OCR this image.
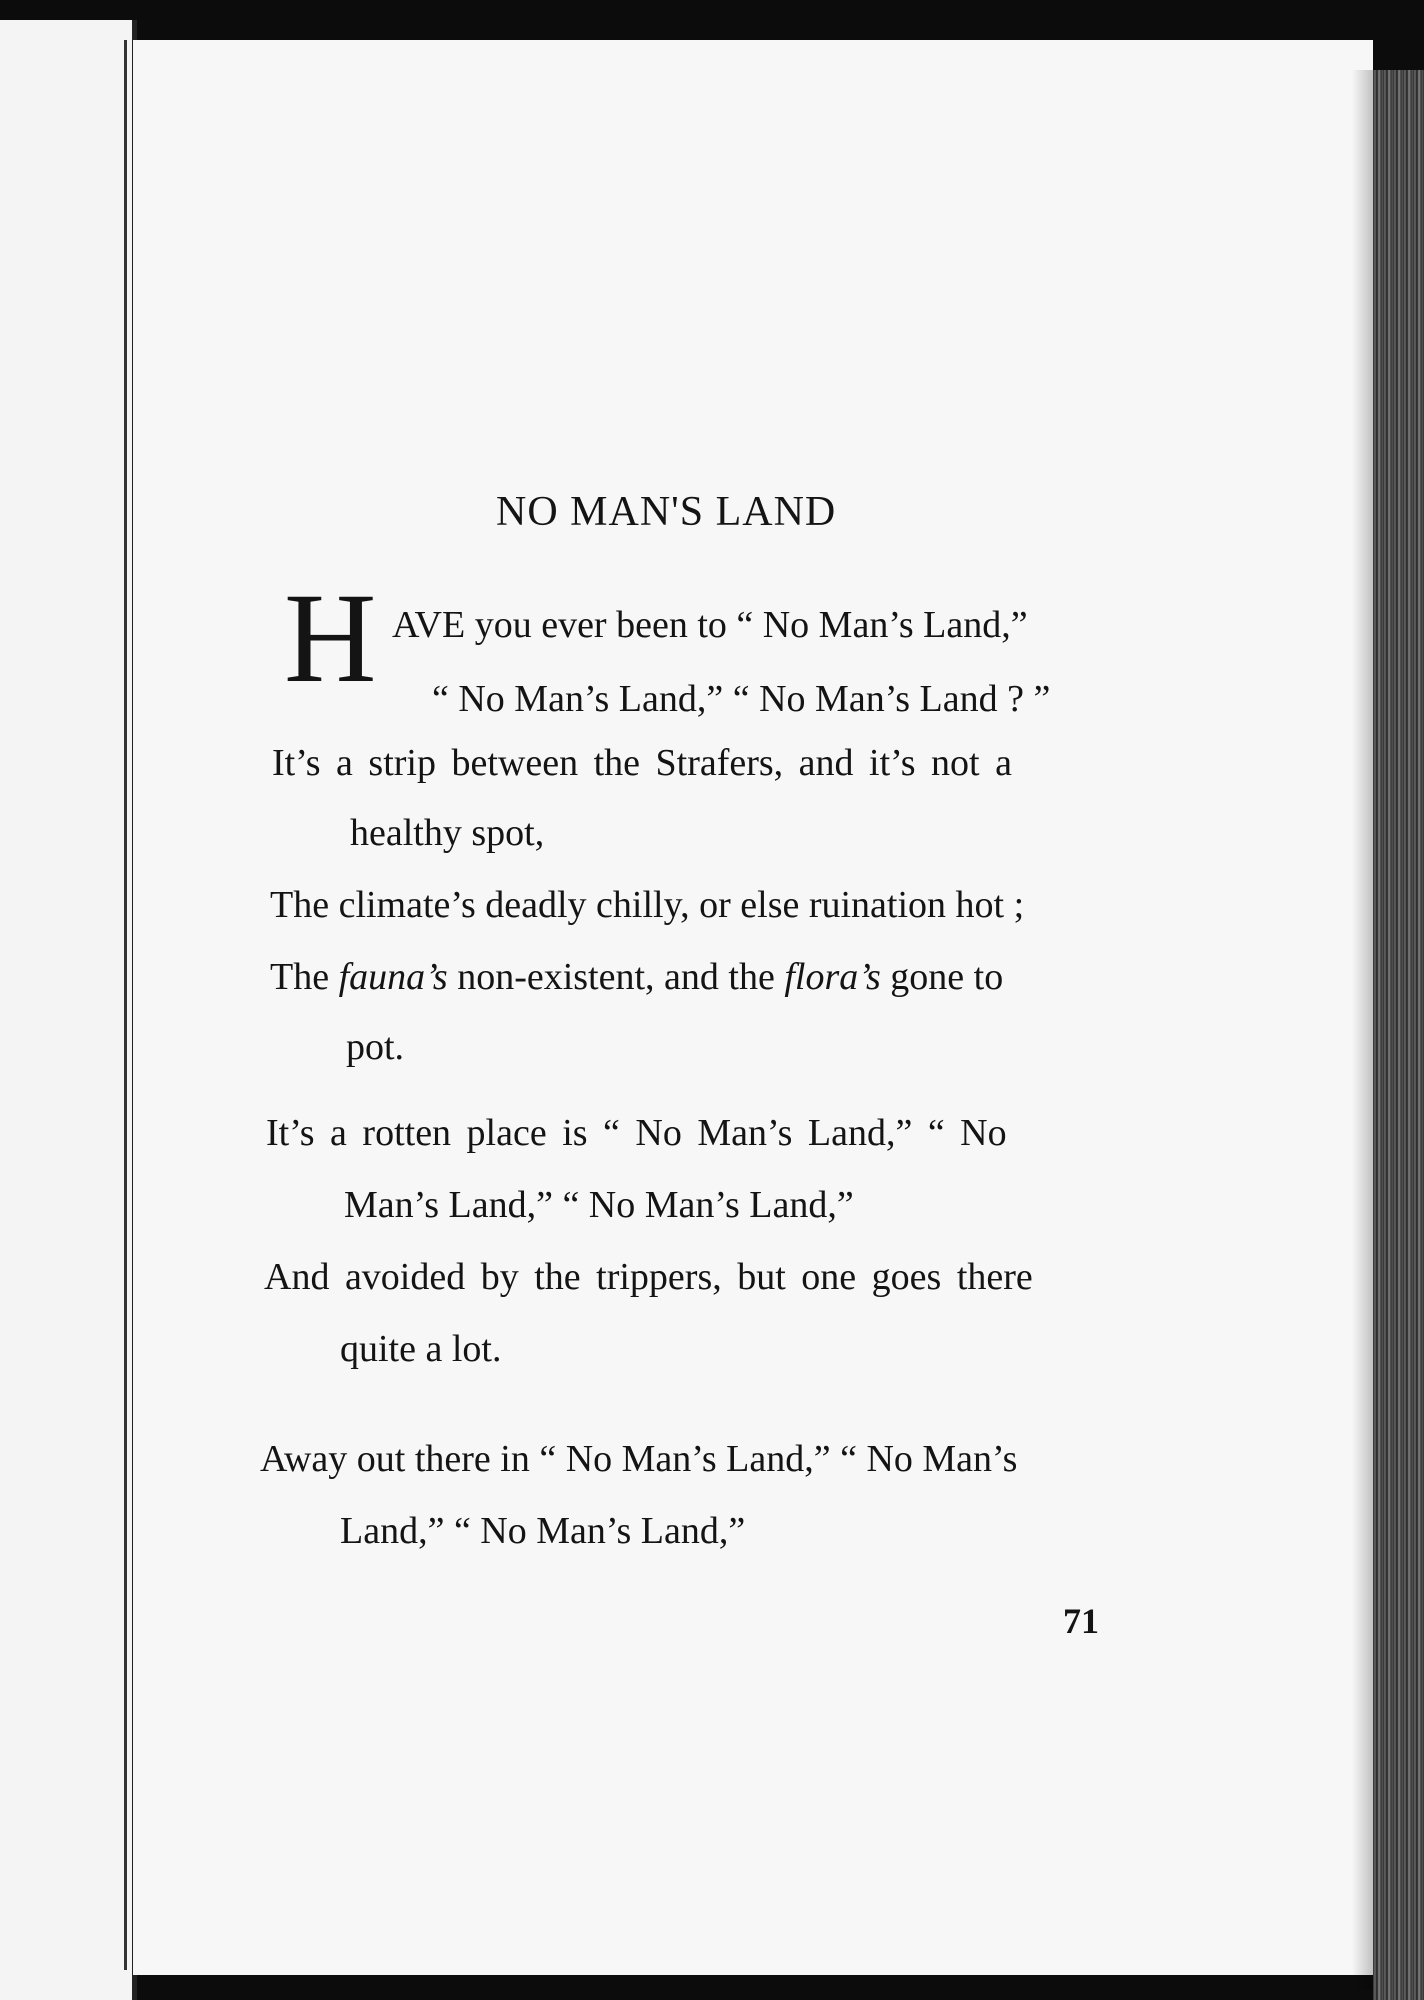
NO MAN'S LAND
H AVE you ever been to “ No Man’s Land,”
“ No Man’s Land,” “ No Man’s Land ? ”
It’s a strip between the Strafers, and it’s not a
healthy spot,
The climate’s deadly chilly, or else ruination hot ;
The fauna’s non-existent, and the flora’s gone to
pot.
It’s a rotten place is “ No Man’s Land,” “ No
Man’s Land,” “ No Man’s Land,”
And avoided by the trippers, but one goes there
quite a lot.
Away out there in “ No Man’s Land,” “ No Man’s
Land,” “ No Man’s Land,”
71
